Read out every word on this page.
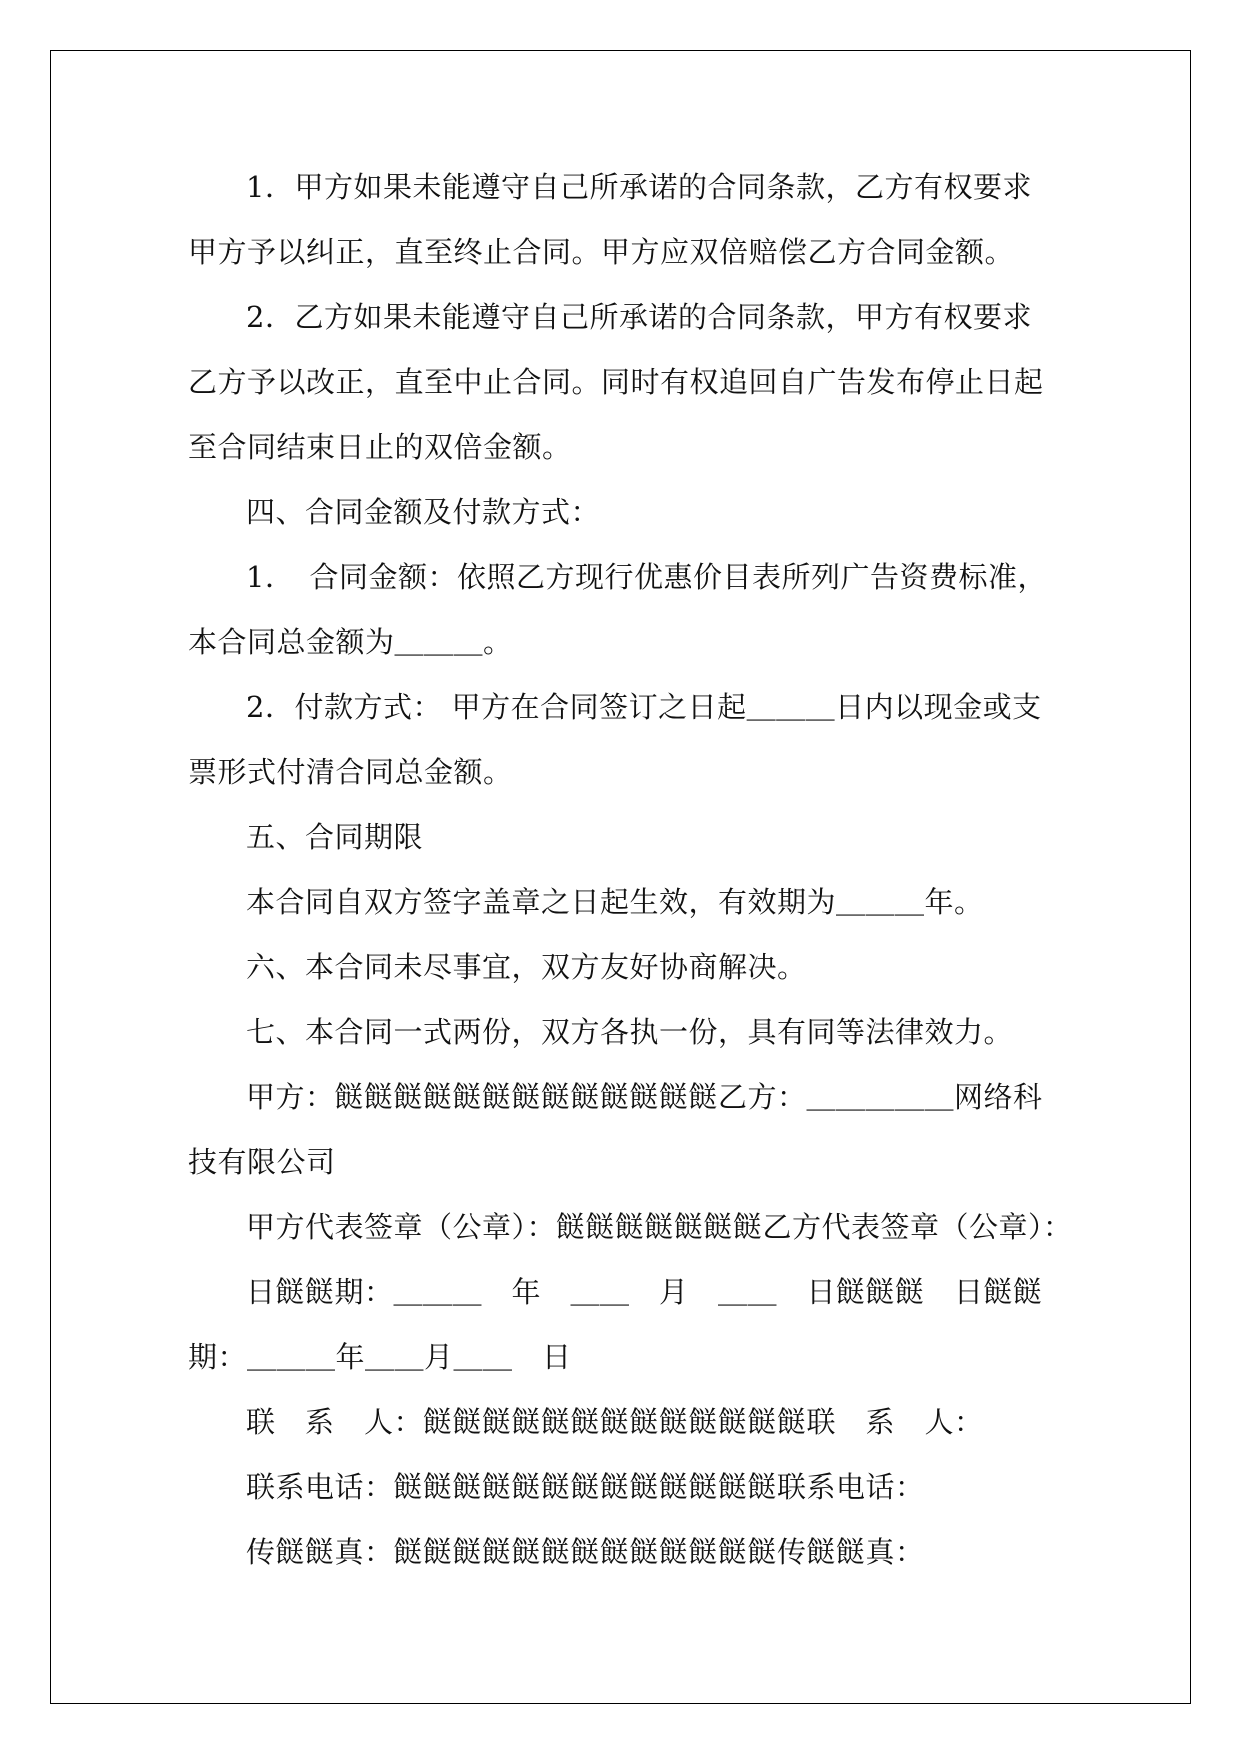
1．甲方如果未能遵守自己所承诺的合同条款，乙方有权要求甲方予以纠正，直至终止合同。甲方应双倍赔偿乙方合同金额。

2．乙方如果未能遵守自己所承诺的合同条款，甲方有权要求乙方予以改正，直至中止合同。同时有权追回自广告发布停止日起至合同结束日止的双倍金额。

四、合同金额及付款方式：

1．　合同金额：依照乙方现行优惠价目表所列广告资费标准，本合同总金额为＿＿＿。

2．付款方式： 甲方在合同签订之日起＿＿＿日内以现金或支票形式付清合同总金额。

五、合同期限

本合同自双方签字盖章之日起生效，有效期为＿＿＿年。

六、本合同未尽事宜，双方友好协商解决。

七、本合同一式两份，双方各执一份，具有同等法律效力。

甲方：餸餸餸餸餸餸餸餸餸餸餸餸餸乙方：＿＿＿＿＿网络科技有限公司

甲方代表签章（公章）：餸餸餸餸餸餸餸乙方代表签章（公章）：

日餸餸期：＿＿＿　年　＿＿　月　＿＿　日餸餸餸　日餸餸期：＿＿＿年＿＿月＿＿　日

联　系　人：餸餸餸餸餸餸餸餸餸餸餸餸餸联　系　人：

联系电话：餸餸餸餸餸餸餸餸餸餸餸餸餸联系电话：

传餸餸真：餸餸餸餸餸餸餸餸餸餸餸餸餸传餸餸真：
